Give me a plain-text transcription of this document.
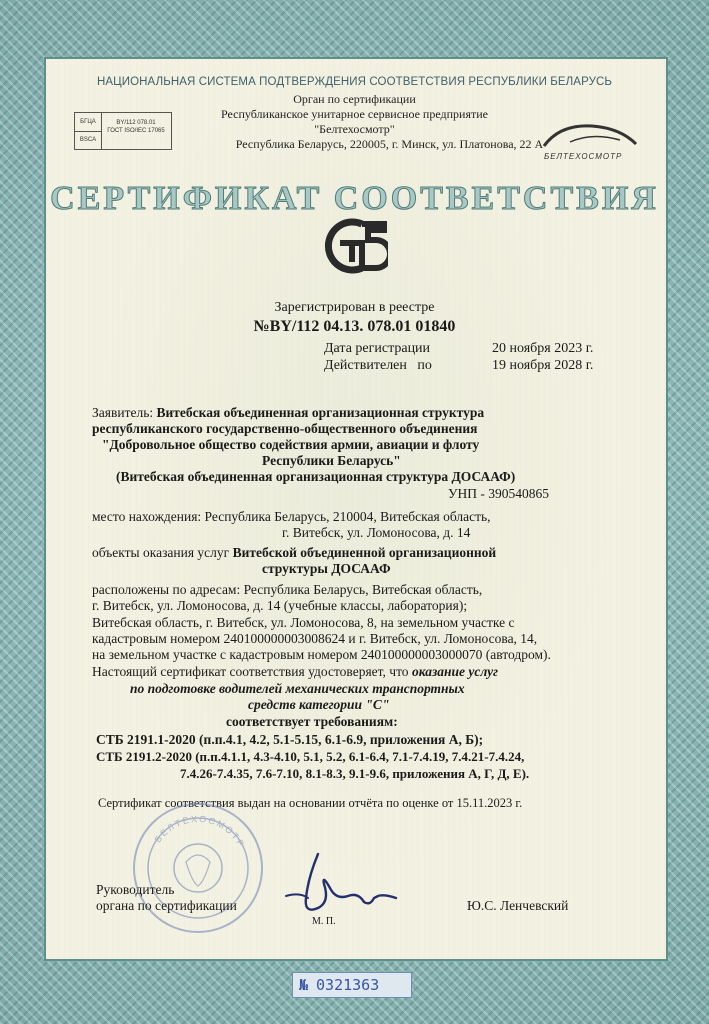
НАЦИОНАЛЬНАЯ СИСТЕМА ПОДТВЕРЖДЕНИЯ СООТВЕТСТВИЯ РЕСПУБЛИКИ БЕЛАРУСЬ
Орган по сертификации
Республиканское унитарное сервисное предприятие
"Белтехосмотр"
Республика Беларусь, 220005, г. Минск, ул. Платонова, 22 А
БГЦА
BSCA
BY/112 078.01
ГОСТ ISO/IEC 17065
БЕЛТЕХОСМОТР
СЕРТИФИКАТ СООТВЕТСТВИЯ
Зарегистрирован в реестре
№BY/112 04.13. 078.01 01840
Дата регистрации	20 ноября 2023 г.
Действителен   по	19 ноября 2028 г.
Заявитель: Витебская объединенная организационная структура
республиканского государственно-общественного объединения
"Добровольное общество содействия армии, авиации и флоту
Республики Беларусь"
(Витебская объединенная организационная структура ДОСААФ)
УНП - 390540865
место нахождения: Республика Беларусь, 210004, Витебская область,
г. Витебск, ул. Ломоносова, д. 14
объекты оказания услуг Витебской объединенной организационной
структуры ДОСААФ
расположены по адресам: Республика Беларусь, Витебская область,
г. Витебск, ул. Ломоносова, д. 14 (учебные классы, лаборатория);
Витебская область, г. Витебск, ул. Ломоносова, 8, на земельном участке с
кадастровым номером 240100000003008624 и г. Витебск, ул. Ломоносова, 14,
на земельном участке с кадастровым номером 240100000003000070 (автодром).
Настоящий сертификат соответствия удостоверяет, что оказание услуг
по подготовке водителей механических транспортных
средств категории "С"
соответствует требованиям:
СТБ 2191.1-2020 (п.п.4.1, 4.2, 5.1-5.15, 6.1-6.9, приложения А, Б);
СТБ 2191.2-2020 (п.п.4.1.1, 4.3-4.10, 5.1, 5.2, 6.1-6.4, 7.1-7.4.19, 7.4.21-7.4.24,
7.4.26-7.4.35, 7.6-7.10, 8.1-8.3, 9.1-9.6, приложения А, Г, Д, Е).
Сертификат соответствия выдан на основании отчёта по оценке от 15.11.2023 г.
БЕЛТЕХОСМОТР
Руководитель
органа по сертификации
М. П.
Ю.С. Ленчевский
№ 0321363
